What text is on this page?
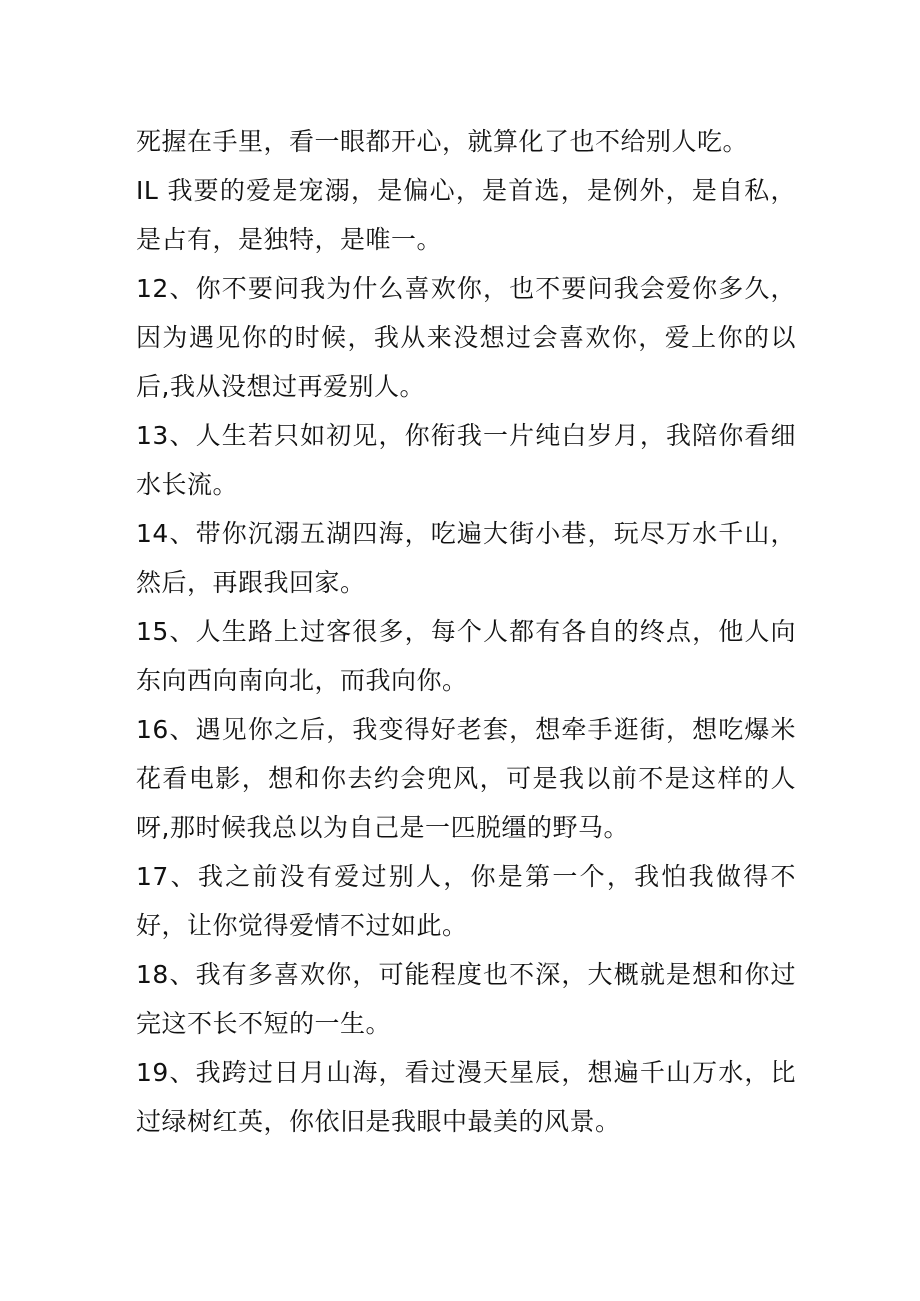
死握在手里，看一眼都开心，就算化了也不给别人吃。

IL 我要的爱是宠溺，是偏心，是首选，是例外，是自私，是占有，是独特，是唯一。

12、你不要问我为什么喜欢你，也不要问我会爱你多久，因为遇见你的时候，我从来没想过会喜欢你，爱上你的以后,我从没想过再爱别人。

13、人生若只如初见，你衔我一片纯白岁月，我陪你看细水长流。

14、带你沉溺五湖四海，吃遍大街小巷，玩尽万水千山，然后，再跟我回家。

15、人生路上过客很多，每个人都有各自的终点，他人向东向西向南向北，而我向你。

16、遇见你之后，我变得好老套，想牵手逛街，想吃爆米花看电影，想和你去约会兜风，可是我以前不是这样的人呀,那时候我总以为自己是一匹脱缰的野马。

17、我之前没有爱过别人，你是第一个，我怕我做得不好，让你觉得爱情不过如此。

18、我有多喜欢你，可能程度也不深，大概就是想和你过完这不长不短的一生。

19、我跨过日月山海，看过漫天星辰，想遍千山万水，比过绿树红英，你依旧是我眼中最美的风景。
